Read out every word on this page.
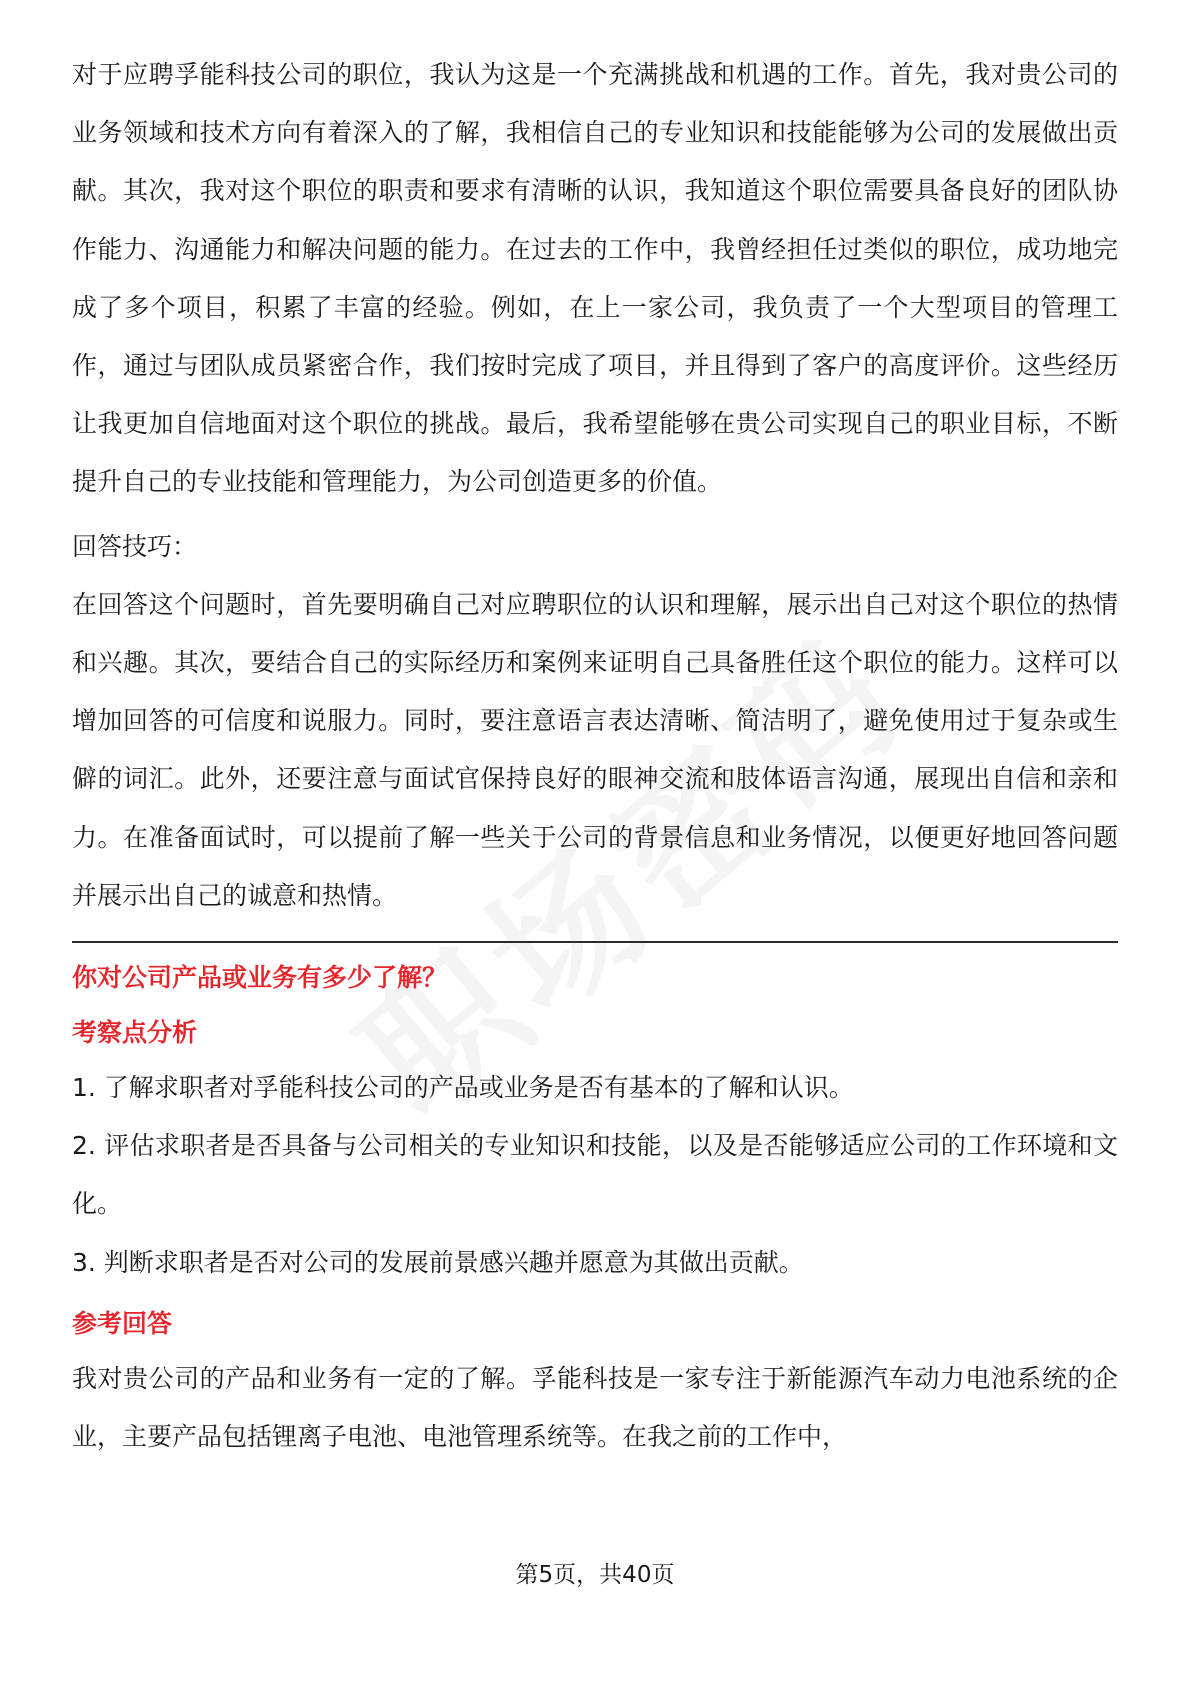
对于应聘孚能科技公司的职位，我认为这是一个充满挑战和机遇的工作。首先，我对贵公司的业务领域和技术方向有着深入的了解，我相信自己的专业知识和技能能够为公司的发展做出贡献。其次，我对这个职位的职责和要求有清晰的认识，我知道这个职位需要具备良好的团队协作能力、沟通能力和解决问题的能力。在过去的工作中，我曾经担任过类似的职位，成功地完成了多个项目，积累了丰富的经验。例如，在上一家公司，我负责了一个大型项目的管理工作，通过与团队成员紧密合作，我们按时完成了项目，并且得到了客户的高度评价。这些经历让我更加自信地面对这个职位的挑战。最后，我希望能够在贵公司实现自己的职业目标，不断提升自己的专业技能和管理能力，为公司创造更多的价值。

回答技巧：

在回答这个问题时，首先要明确自己对应聘职位的认识和理解，展示出自己对这个职位的热情和兴趣。其次，要结合自己的实际经历和案例来证明自己具备胜任这个职位的能力。这样可以增加回答的可信度和说服力。同时，要注意语言表达清晰、简洁明了，避免使用过于复杂或生僻的词汇。此外，还要注意与面试官保持良好的眼神交流和肢体语言沟通，展现出自信和亲和力。在准备面试时，可以提前了解一些关于公司的背景信息和业务情况，以便更好地回答问题并展示出自己的诚意和热情。

你对公司产品或业务有多少了解？

考察点分析

1. 了解求职者对孚能科技公司的产品或业务是否有基本的了解和认识。

2. 评估求职者是否具备与公司相关的专业知识和技能，以及是否能够适应公司的工作环境和文化。

3. 判断求职者是否对公司的发展前景感兴趣并愿意为其做出贡献。

参考回答

我对贵公司的产品和业务有一定的了解。孚能科技是一家专注于新能源汽车动力电池系统的企业，主要产品包括锂离子电池、电池管理系统等。在我之前的工作中，

第5页，共40页
